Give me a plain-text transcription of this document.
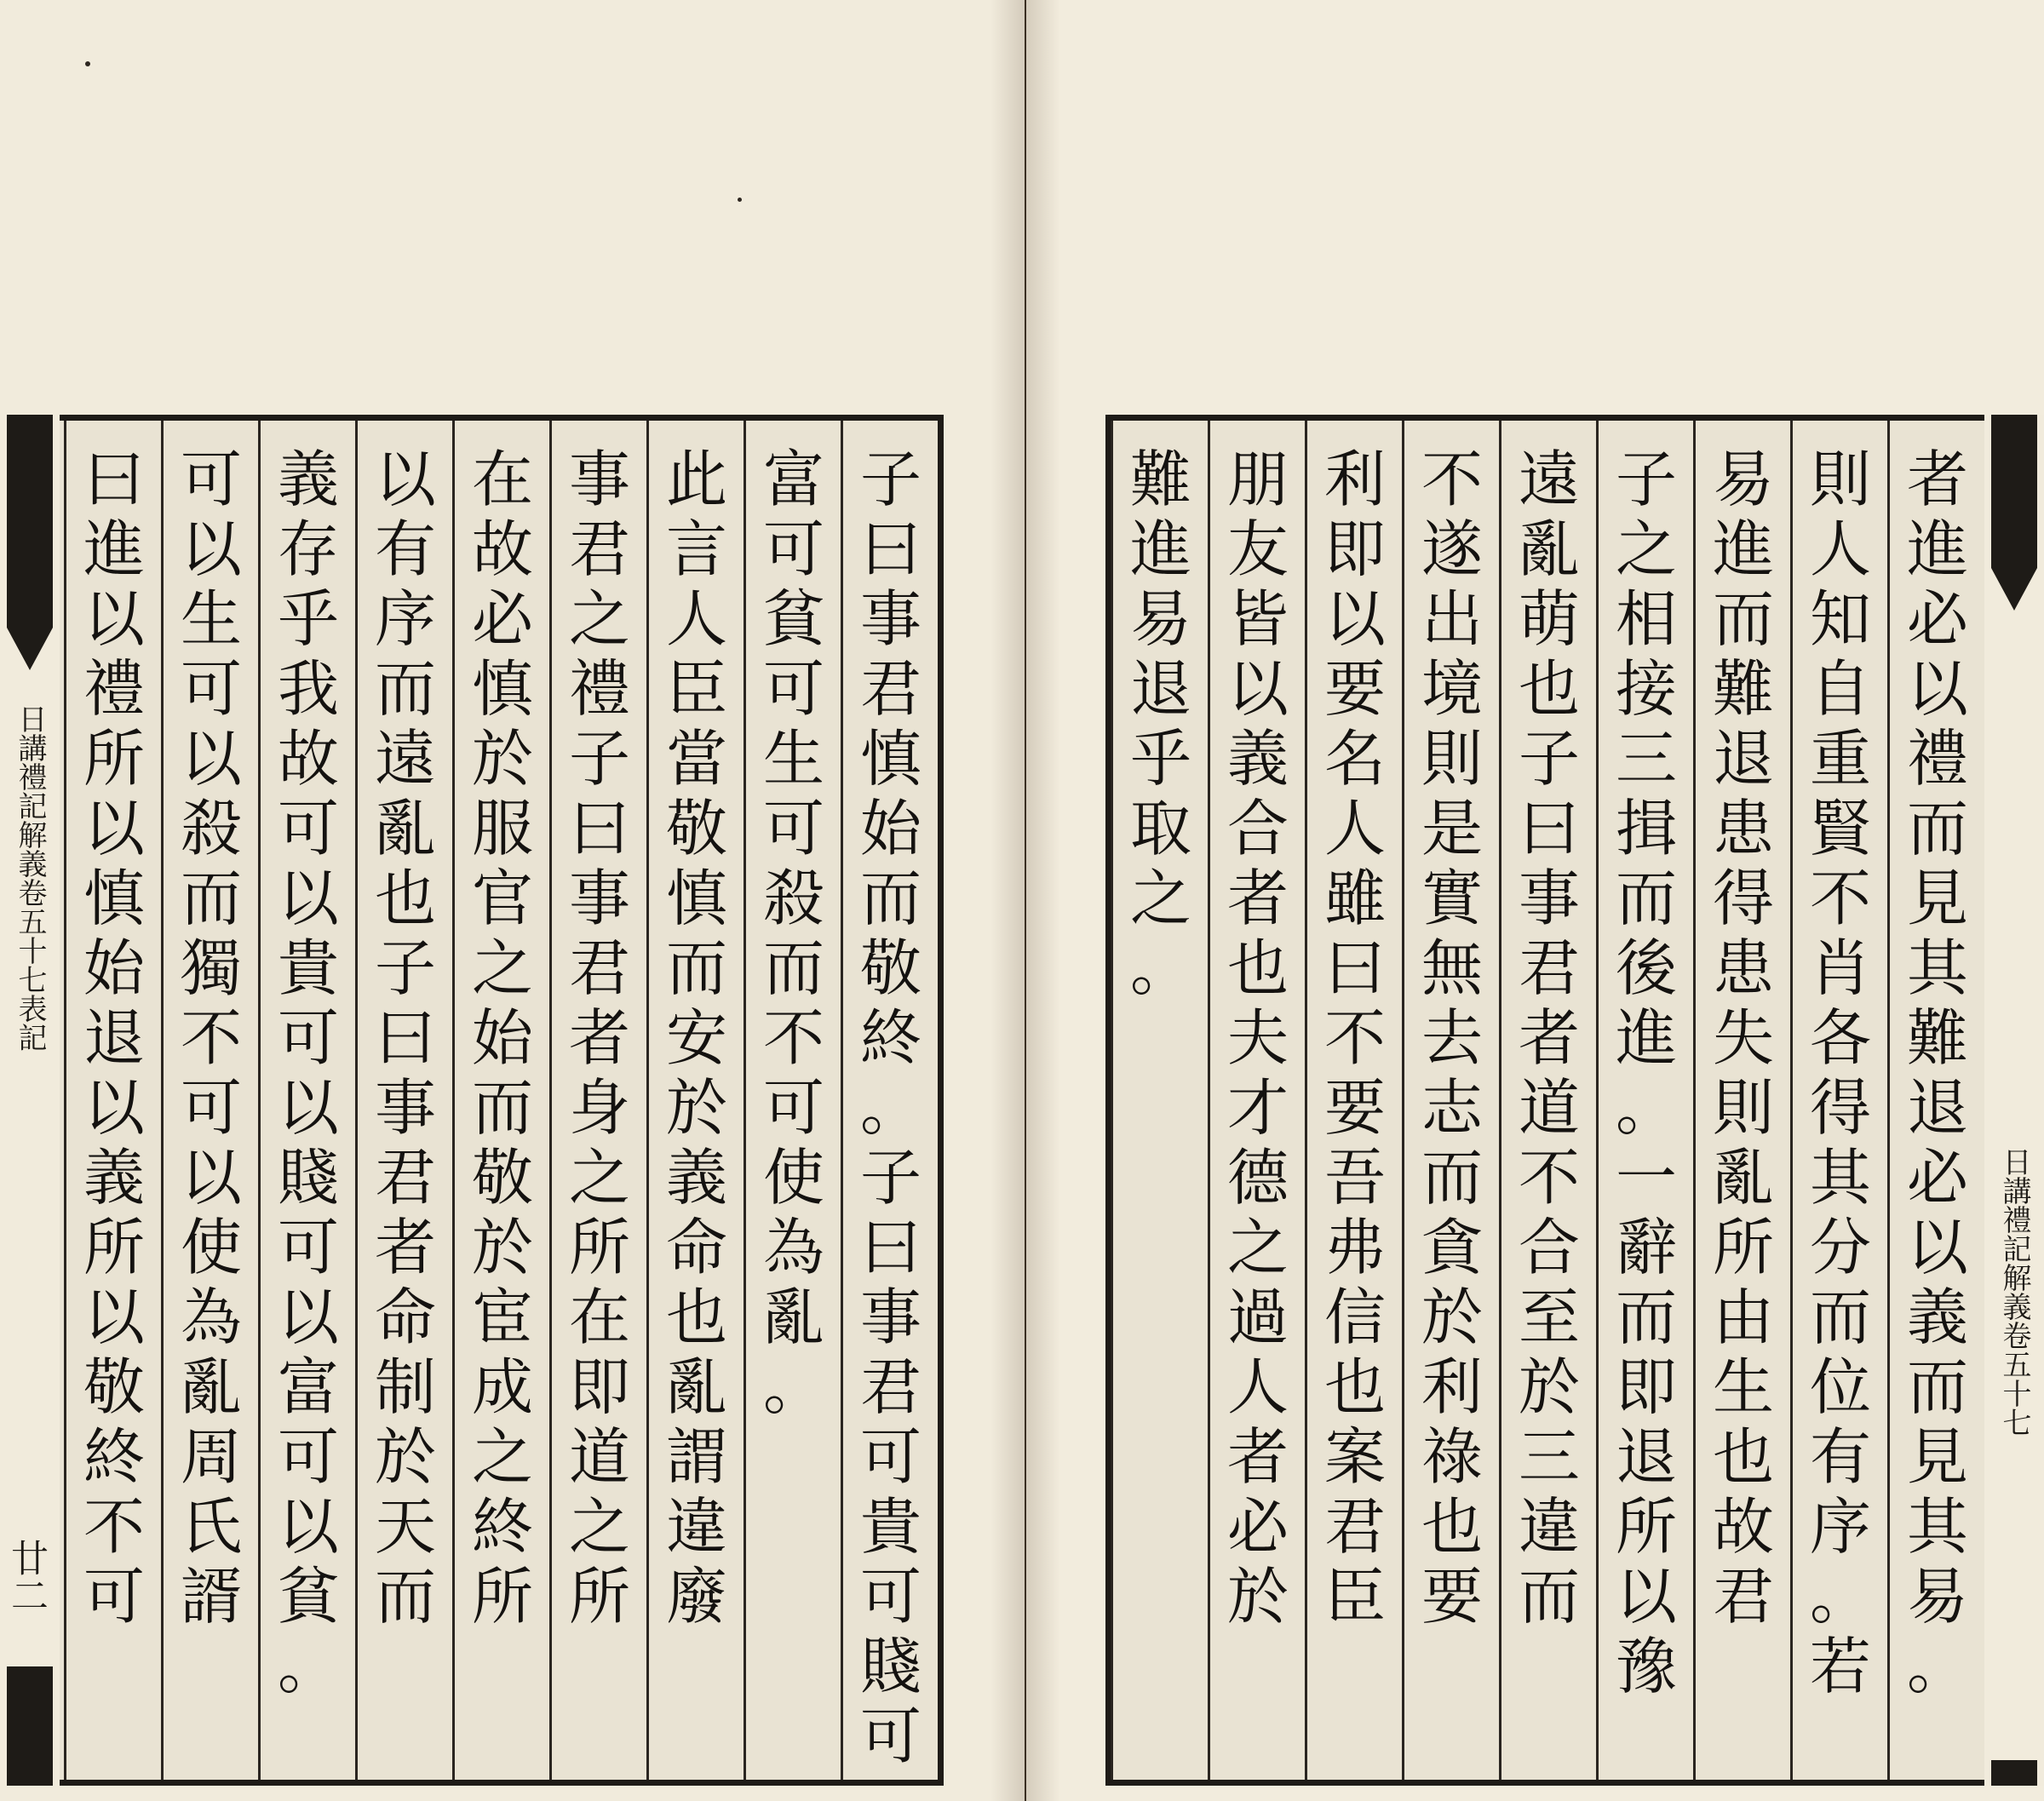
日講禮記解義卷五十七
日講禮記解義卷五十七表記
廿二
者
進
必
以
禮
而
見
其
難
退
必
以
義
而
見
其
易
。
則
人
知
自
重
賢
不
肖
各
得
其
分
而
位
有
序
。
若
易
進
而
難
退
患
得
患
失
則
亂
所
由
生
也
故
君
子
之
相
接
三
揖
而
後
進
。
一
辭
而
即
退
所
以
豫
遠
亂
萌
也
子
曰
事
君
者
道
不
合
至
於
三
違
而
不
遂
出
境
則
是
實
無
去
志
而
貪
於
利
祿
也
要
利
即
以
要
名
人
雖
曰
不
要
吾
弗
信
也
案
君
臣
朋
友
皆
以
義
合
者
也
夫
才
德
之
過
人
者
必
於
難
進
易
退
乎
取
之
。
子
曰
事
君
慎
始
而
敬
終
。
子
曰
事
君
可
貴
可
賤
可
富
可
貧
可
生
可
殺
而
不
可
使
為
亂
。
此
言
人
臣
當
敬
慎
而
安
於
義
命
也
亂
謂
違
廢
事
君
之
禮
子
曰
事
君
者
身
之
所
在
即
道
之
所
在
故
必
慎
於
服
官
之
始
而
敬
於
宦
成
之
終
所
以
有
序
而
遠
亂
也
子
曰
事
君
者
命
制
於
天
而
義
存
乎
我
故
可
以
貴
可
以
賤
可
以
富
可
以
貧
。
可
以
生
可
以
殺
而
獨
不
可
以
使
為
亂
周
氏
諝
曰
進
以
禮
所
以
慎
始
退
以
義
所
以
敬
終
不
可
